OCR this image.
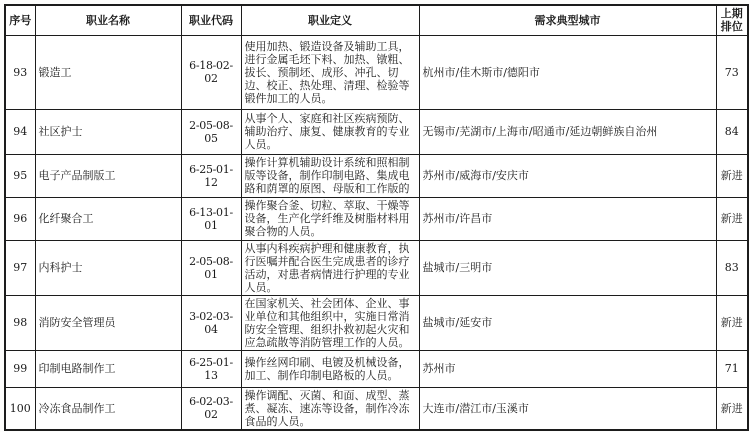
序号	职业名称	职业代码	职业定义	需求典型城市	上期排位
93	锻造工	6-18-02-02	使用加热、锻造设备及辅助工具，进行金属毛坯下料、加热、镦粗、拔长、预制坯、成形、冲孔、切边、校正、热处理、清理、检验等锻件加工的人员。	杭州市/佳木斯市/德阳市	73
94	社区护士	2-05-08-05	从事个人、家庭和社区疾病预防、辅助治疗、康复、健康教育的专业人员。	无锡市/芜湖市/上海市/昭通市/延边朝鲜族自治州	84
95	电子产品制版工	6-25-01-12	操作计算机辅助设计系统和照相制版等设备，制作印制电路、集成电路和荫罩的原图、母版和工作版的	苏州市/威海市/安庆市	新进
96	化纤聚合工	6-13-01-01	操作聚合釜、切粒、萃取、干燥等设备，生产化学纤维及树脂材料用聚合物的人员。	苏州市/许昌市	新进
97	内科护士	2-05-08-01	从事内科疾病护理和健康教育，执行医嘱并配合医生完成患者的诊疗活动，对患者病情进行护理的专业人员。	盐城市/三明市	83
98	消防安全管理员	3-02-03-04	在国家机关、社会团体、企业、事业单位和其他组织中，实施日常消防安全管理、组织扑救初起火灾和应急疏散等消防管理工作的人员。	盐城市/延安市	新进
99	印制电路制作工	6-25-01-13	操作丝网印刷、电镀及机械设备，加工、制作印制电路板的人员。	苏州市	71
100	冷冻食品制作工	6-02-03-02	操作调配、灭菌、和面、成型、蒸煮、凝冻、速冻等设备，制作冷冻食品的人员。	大连市/潜江市/玉溪市	新进
